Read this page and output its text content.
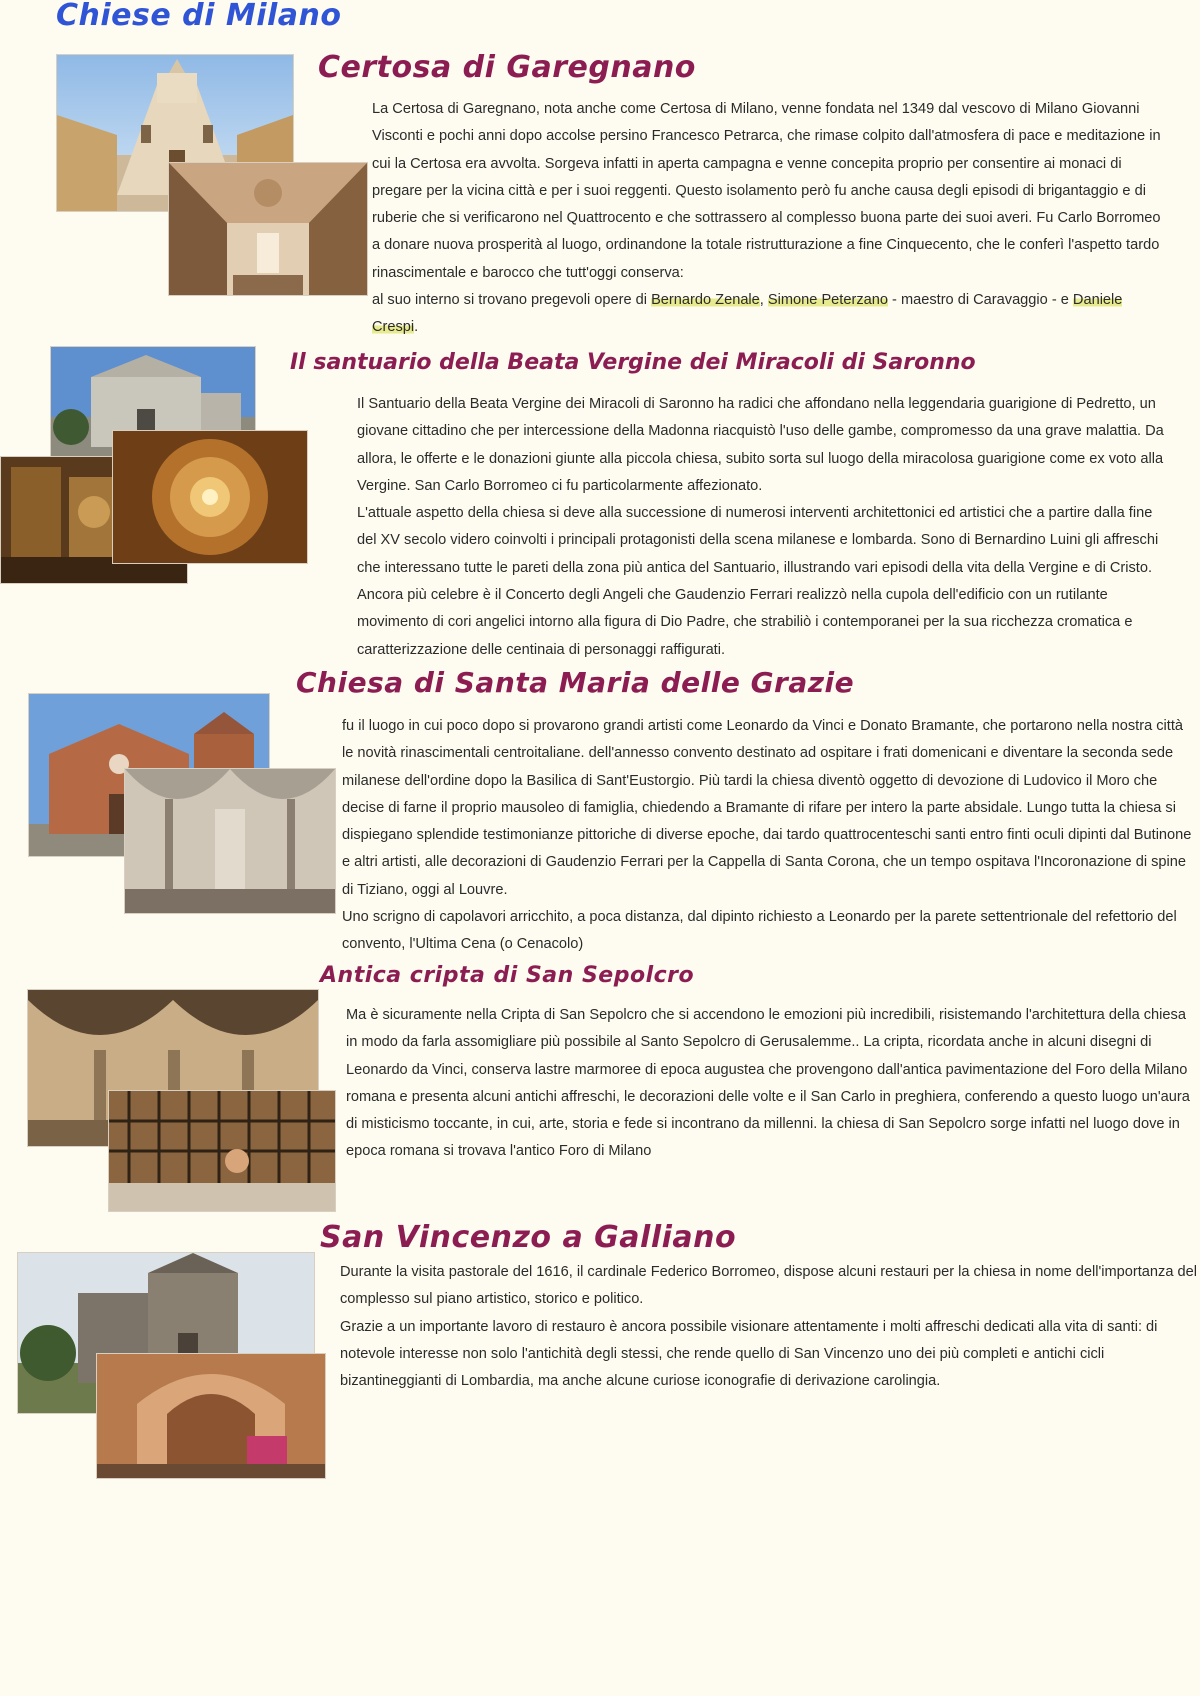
Chiese di Milano
Certosa di Garegnano

La Certosa di Garegnano, nota anche come Certosa di Milano, venne fondata nel 1349 dal vescovo di Milano Giovanni Visconti e pochi anni dopo accolse persino Francesco Petrarca, che rimase colpito dall'atmosfera di pace e meditazione in cui la Certosa era avvolta. Sorgeva infatti in aperta campagna e venne concepita proprio per consentire ai monaci di pregare per la vicina città e per i suoi reggenti. Questo isolamento però fu anche causa degli episodi di brigantaggio e di ruberie che si verificarono nel Quattrocento e che sottrassero al complesso buona parte dei suoi averi. Fu Carlo Borromeo a donare nuova prosperità al luogo, ordinandone la totale ristrutturazione a fine Cinquecento, che le conferì l'aspetto tardo rinascimentale e barocco che tutt'oggi conserva:

al suo interno si trovano pregevoli opere di Bernardo Zenale, Simone Peterzano - maestro di Caravaggio - e Daniele Crespi.

Il santuario della Beata Vergine dei Miracoli di Saronno

Il Santuario della Beata Vergine dei Miracoli di Saronno ha radici che affondano nella leggendaria guarigione di Pedretto, un giovane cittadino che per intercessione della Madonna riacquistò l'uso delle gambe, compromesso da una grave malattia. Da allora, le offerte e le donazioni giunte alla piccola chiesa, subito sorta sul luogo della miracolosa guarigione come ex voto alla Vergine. San Carlo Borromeo ci fu particolarmente affezionato.

L'attuale aspetto della chiesa si deve alla successione di numerosi interventi architettonici ed artistici che a partire dalla fine del XV secolo videro coinvolti i principali protagonisti della scena milanese e lombarda. Sono di Bernardino Luini gli affreschi che interessano tutte le pareti della zona più antica del Santuario, illustrando vari episodi della vita della Vergine e di Cristo. Ancora più celebre è il Concerto degli Angeli che Gaudenzio Ferrari realizzò nella cupola dell'edificio con un rutilante movimento di cori angelici intorno alla figura di Dio Padre, che strabiliò i contemporanei per la sua ricchezza cromatica e caratterizzazione delle centinaia di personaggi raffigurati.

Chiesa di Santa Maria delle Grazie

fu il luogo in cui poco dopo si provarono grandi artisti come Leonardo da Vinci e Donato Bramante, che portarono nella nostra città le novità rinascimentali centroitaliane. dell'annesso convento destinato ad ospitare i frati domenicani e diventare la seconda sede milanese dell'ordine dopo la Basilica di Sant'Eustorgio. Più tardi la chiesa diventò oggetto di devozione di Ludovico il Moro che decise di farne il proprio mausoleo di famiglia, chiedendo a Bramante di rifare per intero la parte absidale. Lungo tutta la chiesa si dispiegano splendide testimonianze pittoriche di diverse epoche, dai tardo quattrocenteschi santi entro finti oculi dipinti dal Butinone e altri artisti, alle decorazioni di Gaudenzio Ferrari per la Cappella di Santa Corona, che un tempo ospitava l'Incoronazione di spine di Tiziano, oggi al Louvre.

Uno scrigno di capolavori arricchito, a poca distanza, dal dipinto richiesto a Leonardo per la parete settentrionale del refettorio del convento, l'Ultima Cena (o Cenacolo)

Antica cripta di San Sepolcro

Ma è sicuramente nella Cripta di San Sepolcro che si accendono le emozioni più incredibili, risistemando l'architettura della chiesa in modo da farla assomigliare più possibile al Santo Sepolcro di Gerusalemme.. La cripta, ricordata anche in alcuni disegni di Leonardo da Vinci, conserva lastre marmoree di epoca augustea che provengono dall'antica pavimentazione del Foro della Milano romana e presenta alcuni antichi affreschi, le decorazioni delle volte e il San Carlo in preghiera, conferendo a questo luogo un'aura di misticismo toccante, in cui, arte, storia e fede si incontrano da millenni. la chiesa di San Sepolcro sorge infatti nel luogo dove in epoca romana si trovava l'antico Foro di Milano

San Vincenzo a Galliano

Durante la visita pastorale del 1616, il cardinale Federico Borromeo, dispose alcuni restauri per la chiesa in nome dell'importanza del complesso sul piano artistico, storico e politico.

Grazie a un importante lavoro di restauro è ancora possibile visionare attentamente i molti affreschi dedicati alla vita di santi: di notevole interesse non solo l'antichità degli stessi, che rende quello di San Vincenzo uno dei più completi e antichi cicli bizantineggianti di Lombardia, ma anche alcune curiose iconografie di derivazione carolingia.
